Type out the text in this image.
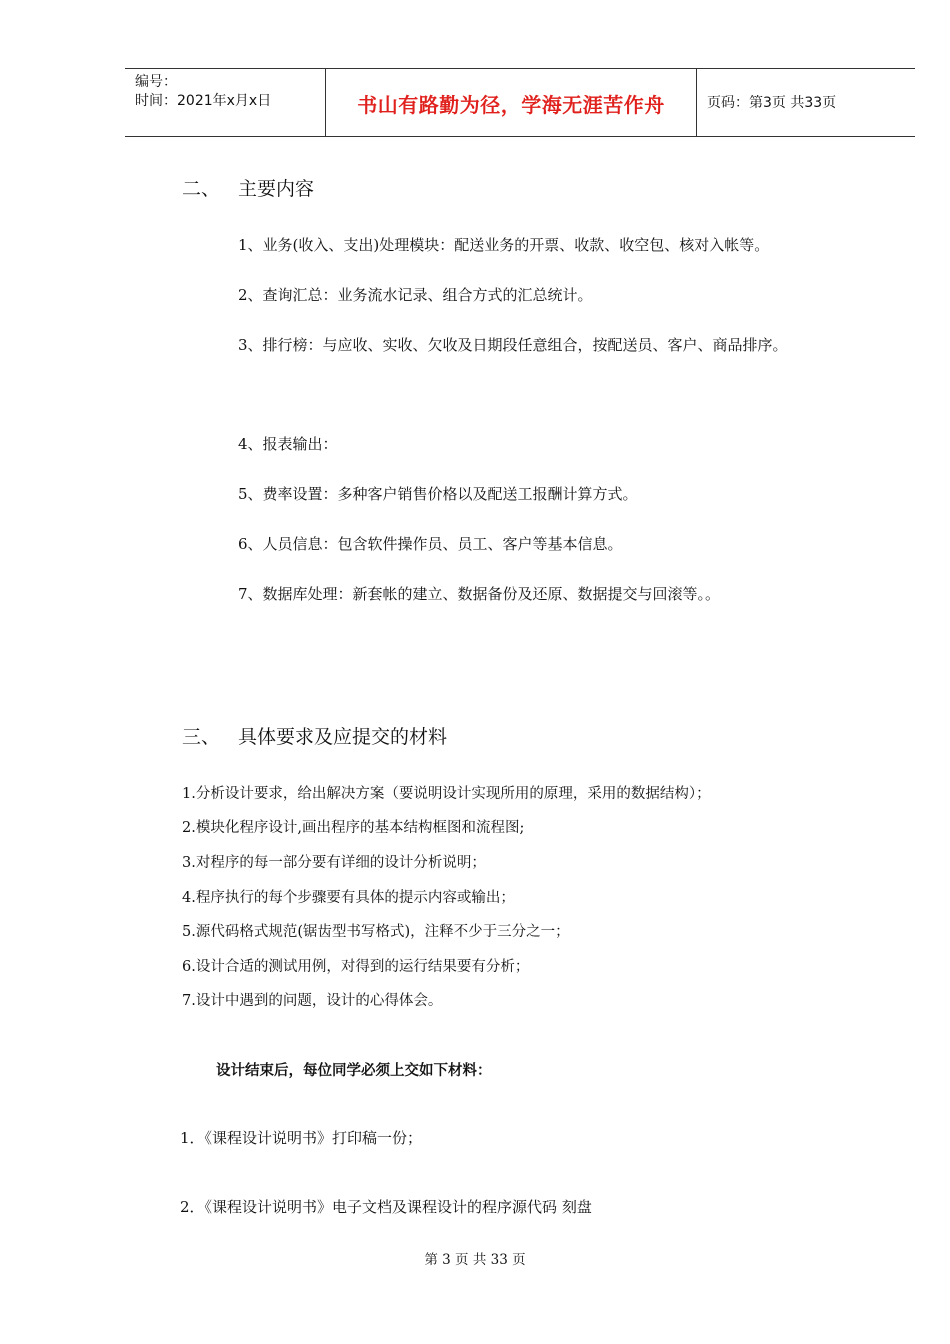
编号：
时间：2021年x月x日	书山有路勤为径，学海无涯苦作舟	页码：第3页 共33页
二、 主要内容
1、业务(收入、支出)处理模块：配送业务的开票、收款、收空包、核对入帐等。
2、查询汇总：业务流水记录、组合方式的汇总统计。
3、排行榜：与应收、实收、欠收及日期段任意组合，按配送员、客户、商品排序。
4、报表输出：
5、费率设置：多种客户销售价格以及配送工报酬计算方式。
6、人员信息：包含软件操作员、员工、客户等基本信息。
7、数据库处理：新套帐的建立、数据备份及还原、数据提交与回滚等。。
三、 具体要求及应提交的材料
1.分析设计要求，给出解决方案（要说明设计实现所用的原理，采用的数据结构）；
2.模块化程序设计,画出程序的基本结构框图和流程图;
3.对程序的每一部分要有详细的设计分析说明；
4.程序执行的每个步骤要有具体的提示内容或输出；
5.源代码格式规范(锯齿型书写格式)，注释不少于三分之一；
6.设计合适的测试用例，对得到的运行结果要有分析；
7.设计中遇到的问题，设计的心得体会。
设计结束后，每位同学必须上交如下材料：
1．《课程设计说明书》打印稿一份；
2．《课程设计说明书》电子文档及课程设计的程序源代码 刻盘
第 3 页 共 33 页
